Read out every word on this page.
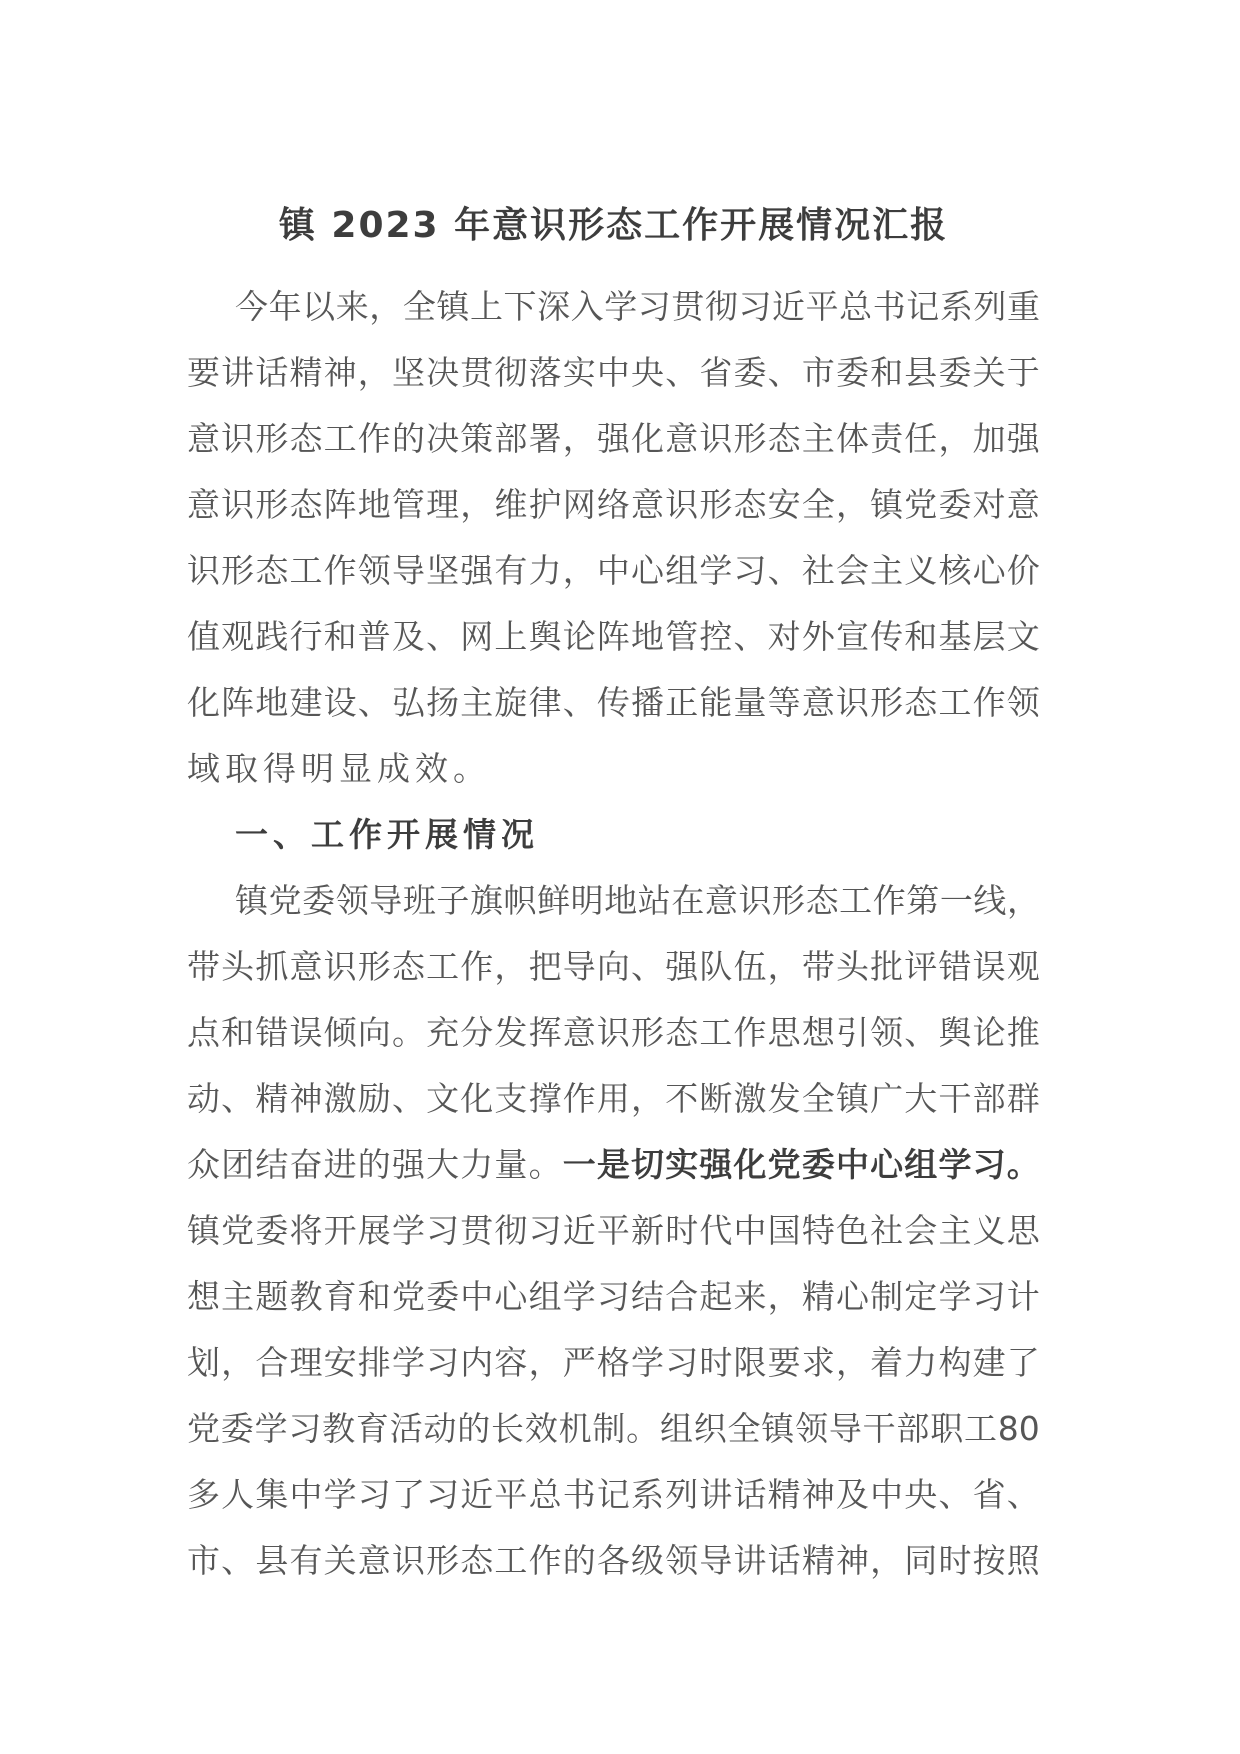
镇 2023 年意识形态工作开展情况汇报
今 年 以 来 ， 全 镇 上 下 深 入 学 习 贯 彻 习 近 平 总 书 记 系 列 重
要 讲 话 精 神 ， 坚 决 贯 彻 落 实 中 央 、 省 委 、 市 委 和 县 委 关 于
意 识 形 态 工 作 的 决 策 部 署 ， 强 化 意 识 形 态 主 体 责 任 ， 加 强
意 识 形 态 阵 地 管 理 ， 维 护 网 络 意 识 形 态 安 全 ， 镇 党 委 对 意
识 形 态 工 作 领 导 坚 强 有 力 ， 中 心 组 学 习 、 社 会 主 义 核 心 价
值 观 践 行 和 普 及 、 网 上 舆 论 阵 地 管 控 、 对 外 宣 传 和 基 层 文
化 阵 地 建 设 、 弘 扬 主 旋 律 、 传 播 正 能 量 等 意 识 形 态 工 作 领
域取得明显成效。
一、工作开展情况
镇 党 委 领 导 班 子 旗 帜 鲜 明 地 站 在 意 识 形 态 工 作 第 一 线 ，
带 头 抓 意 识 形 态 工 作 ， 把 导 向 、 强 队 伍 ， 带 头 批 评 错 误 观
点 和 错 误 倾 向 。 充 分 发 挥 意 识 形 态 工 作 思 想 引 领 、 舆 论 推
动 、 精 神 激 励 、 文 化 支 撑 作 用 ， 不 断 激 发 全 镇 广 大 干 部 群
众 团 结 奋 进 的 强 大 力 量 。 一 是 切 实 强 化 党 委 中 心 组 学 习 。
镇 党 委 将 开 展 学 习 贯 彻 习 近 平 新 时 代 中 国 特 色 社 会 主 义 思
想 主 题 教 育 和 党 委 中 心 组 学 习 结 合 起 来 ， 精 心 制 定 学 习 计
划 ， 合 理 安 排 学 习 内 容 ， 严 格 学 习 时 限 要 求 ， 着 力 构 建 了
党 委 学 习 教 育 活 动 的 长 效 机 制 。 组 织 全 镇 领 导 干 部 职 工 80
多 人 集 中 学 习 了 习 近 平 总 书 记 系 列 讲 话 精 神 及 中 央 、 省 、
市 、 县 有 关 意 识 形 态 工 作 的 各 级 领 导 讲 话 精 神 ， 同 时 按 照
